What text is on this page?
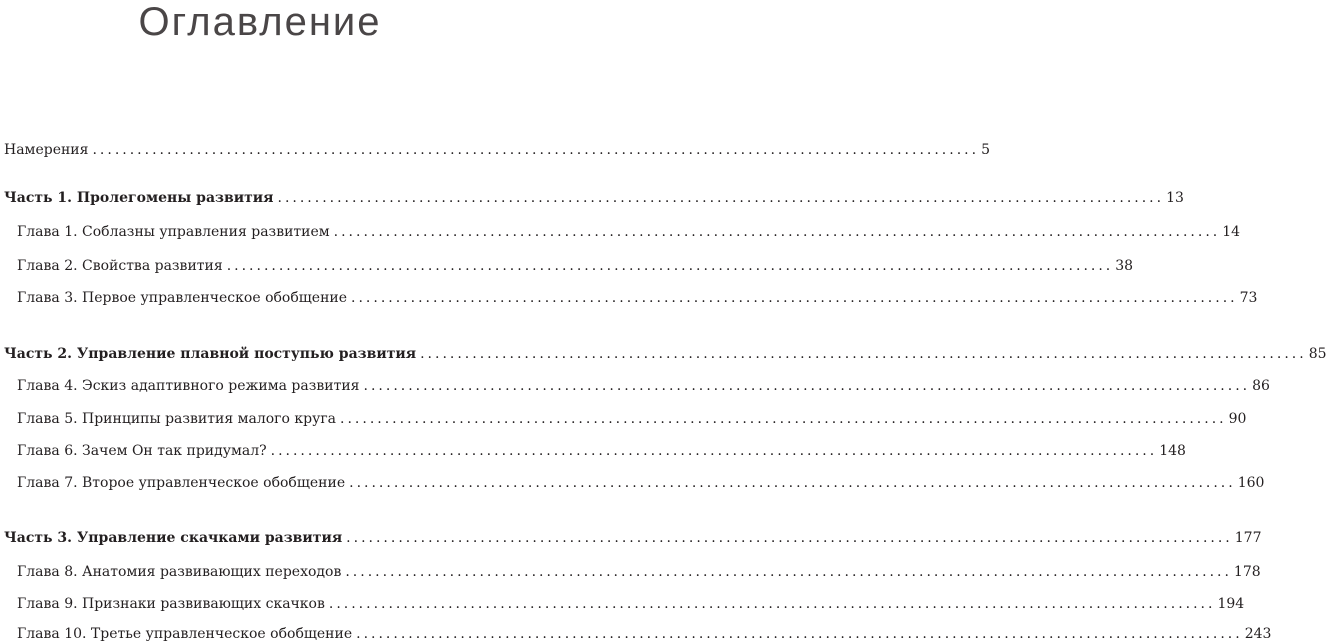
Оглавление
Намерения ....................................................................................................................... 5
Часть 1. Пролегомены развития ....................................................................................................................... 13
Глава 1. Соблазны управления развитием ....................................................................................................................... 14
Глава 2. Свойства развития ....................................................................................................................... 38
Глава 3. Первое управленческое обобщение ....................................................................................................................... 73
Часть 2. Управление плавной поступью развития ....................................................................................................................... 85
Глава 4. Эскиз адаптивного режима развития ....................................................................................................................... 86
Глава 5. Принципы развития малого круга ....................................................................................................................... 90
Глава 6. Зачем Он так придумал? ....................................................................................................................... 148
Глава 7. Второе управленческое обобщение ....................................................................................................................... 160
Часть 3. Управление скачками развития ....................................................................................................................... 177
Глава 8. Анатомия развивающих переходов ....................................................................................................................... 178
Глава 9. Признаки развивающих скачков ....................................................................................................................... 194
Глава 10. Третье управленческое обобщение ....................................................................................................................... 243
